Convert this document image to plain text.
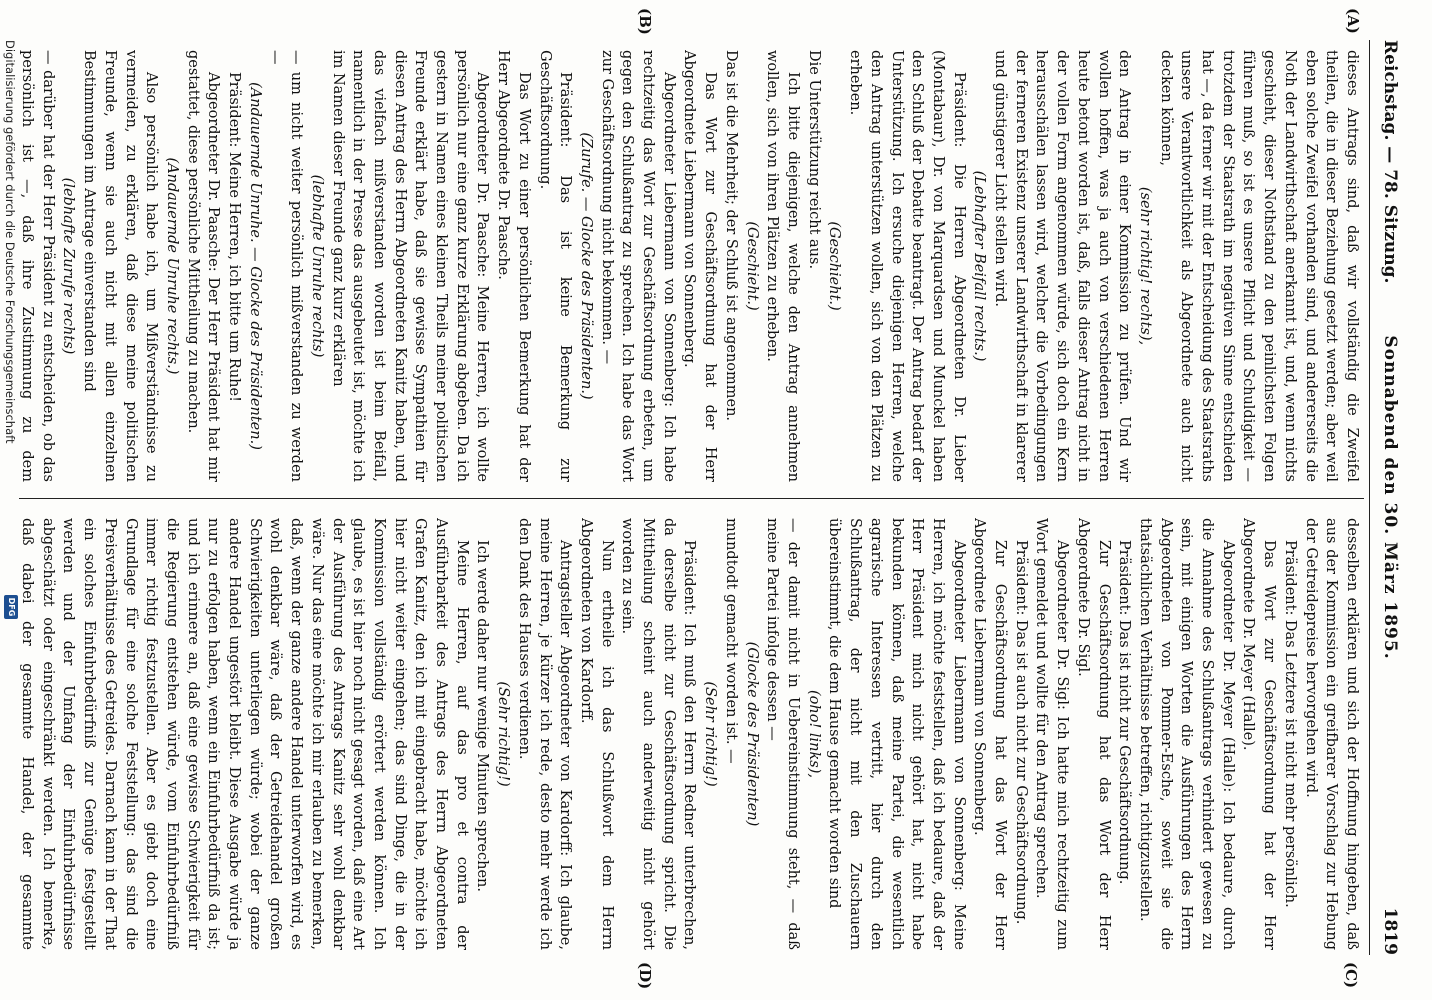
Reichstag. — 78. Sitzung.
Sonnabend den 30. März 1895.
1819
(A)
(B)
(C)
(D)

dieses Antrags sind, daß wir vollständig die Zweifel theilen, die in dieser Beziehung gesetzt werden; aber weil eben solche Zweifel vorhanden sind, und andererseits die Noth der Landwirthschaft anerkannt ist, und, wenn nichts geschieht, dieser Nothstand zu den peinlichsten Folgen führen muß, so ist es unsere Pflicht und Schuldigkeit — trotzdem der Staatsrath im negativen Sinne entschieden hat —, da ferner wir mit der Entscheidung des Staatsraths unsere Verantwortlichkeit als Abgeordnete auch nicht decken können,

(sehr richtig! rechts),

den Antrag in einer Kommission zu prüfen. Und wir wollen hoffen, was ja auch von verschiedenen Herren heute betont worden ist, daß, falls dieser Antrag nicht in der vollen Form angenommen würde, sich doch ein Kern herausschälen lassen wird, welcher die Vorbedingungen der ferneren Existenz unserer Landwirthschaft in klarerer und günstigerer Licht stellen wird.

(Lebhafter Beifall rechts.)

Präsident: Die Herren Abgeordneten Dr. Lieber (Montabaur), Dr. von Marquardsen und Munckel haben den Schluß der Debatte beantragt. Der Antrag bedarf der Unterstützung. Ich ersuche diejenigen Herren, welche den Antrag unterstützen wollen, sich von den Plätzen zu erheben.

(Geschieht.)

Die Unterstützung reicht aus.

Ich bitte diejenigen, welche den Antrag annehmen wollen, sich von ihren Plätzen zu erheben.

(Geschieht.)

Das ist die Mehrheit; der Schluß ist angenommen.

Das Wort zur Geschäftsordnung hat der Herr Abgeordnete Liebermann von Sonnenberg.

Abgeordneter Liebermann von Sonnenberg: Ich habe rechtzeitig das Wort zur Geschäftsordnung erbeten, um gegen den Schlußantrag zu sprechen. Ich habe das Wort zur Geschäftsordnung nicht bekommen. —

(Zurufe. — Glocke des Präsidenten.)

Präsident: Das ist keine Bemerkung zur Geschäftsordnung.

Das Wort zu einer persönlichen Bemerkung hat der Herr Abgeordnete Dr. Paasche.

Abgeordneter Dr. Paasche: Meine Herren, ich wollte persönlich nur eine ganz kurze Erklärung abgeben. Da ich gestern in Namen eines kleinen Theils meiner politischen Freunde erklärt habe, daß sie gewisse Sympathien für diesen Antrag des Herrn Abgeordneten Kanitz haben, und das vielfach mißverstanden worden ist beim Beifall, namentlich in der Presse das ausgebeutet ist, möchte ich im Namen dieser Freunde ganz kurz erklären

(lebhafte Unruhe rechts)

— um nicht weiter persönlich mißverstanden zu werden —

(Andauernde Unruhe. — Glocke des Präsidenten.)

Präsident: Meine Herren, ich bitte um Ruhe!

Abgeordneter Dr. Paasche: Der Herr Präsident hat mir gestattet, diese persönliche Mittheilung zu machen.

(Andauernde Unruhe rechts.)

Also persönlich habe ich, um Mißverständnisse zu vermeiden, zu erklären, daß diese meine politischen Freunde, wenn sie auch nicht mit allen einzelnen Bestimmungen im Antrage einverstanden sind

(lebhafte Zurufe rechts)

— darüber hat der Herr Präsident zu entscheiden, ob das persönlich ist —, daß ihre Zustimmung zu dem

desselben erklären und sich der Hoffnung hingeben, daß aus der Kommission ein greifbarer Vorschlag zur Hebung der Getreidepreise hervorgehen wird.

Präsident: Das Letztere ist nicht mehr persönlich.

Das Wort zur Geschäftsordnung hat der Herr Abgeordnete Dr. Meyer (Halle).

Abgeordneter Dr. Meyer (Halle): Ich bedaure, durch die Annahme des Schlußantrags verhindert gewesen zu sein, mit einigen Worten die Ausführungen des Herrn Abgeordneten von Pommer-Esche, soweit sie die thatsächlichen Verhältnisse betreffen, richtigzustellen.

Präsident: Das ist nicht zur Geschäftsordnung.

Zur Geschäftsordnung hat das Wort der Herr Abgeordnete Dr. Sigl.

Abgeordneter Dr. Sigl: Ich hatte mich rechtzeitig zum Wort gemeldet und wollte für den Antrag sprechen.

Präsident: Das ist auch nicht zur Geschäftsordnung.

Zur Geschäftsordnung hat das Wort der Herr Abgeordnete Liebermann von Sonnenberg.

Abgeordneter Liebermann von Sonnenberg: Meine Herren, ich möchte feststellen, daß ich bedaure, daß der Herr Präsident mich nicht gehört hat, nicht habe bekunden können, daß meine Partei, die wesentlich agrarische Interessen vertritt, hier durch den Schlußantrag, der nicht mit den Zuschauern übereinstimmt, die dem Hause gemacht worden sind

(oho! links),

— der damit nicht in Uebereinstimmung steht, — daß meine Partei infolge dessen —

(Glocke des Präsidenten)

mundtodt gemacht worden ist. —

(Sehr richtig!)

Präsident: Ich muß den Herrn Redner unterbrechen, da derselbe nicht zur Geschäftsordnung spricht. Die Mittheilung scheint auch anderweitig nicht gehört worden zu sein.

Nun ertheile ich das Schlußwort dem Herrn Abgeordneten von Kardorff.

Antragsteller Abgeordneter von Kardorff: Ich glaube, meine Herren, je kürzer ich rede, desto mehr werde ich den Dank des Hauses verdienen.

(Sehr richtig!)

Ich werde daher nur wenige Minuten sprechen.

Meine Herren, auf das pro et contra der Ausführbarkeit des Antrags des Herrn Abgeordneten Grafen Kanitz, den ich mit eingebracht habe, möchte ich hier nicht weiter eingehen; das sind Dinge, die in der Kommission vollständig erörtert werden können. Ich glaube, es ist hier noch nicht gesagt worden, daß eine Art der Ausführung des Antrags Kanitz sehr wohl denkbar wäre. Nur das eine möchte ich mir erlauben zu bemerken, daß, wenn der ganze andere Handel unterworfen wird, es wohl denkbar wäre, daß der Getreidehandel großen Schwierigkeiten unterliegen würde; wobei der ganze andere Handel ungestört bleibt. Diese Ausgabe würde ja nur zu erfolgen haben, wenn ein Einfuhrbedürfniß da ist; und ich erinnere an, daß eine gewisse Schwierigkeit für die Regierung entstehen würde, vom Einfuhrbedürfniß immer richtig festzustellen. Aber es giebt doch eine Grundlage für eine solche Feststellung: das sind die Preisverhältnisse des Getreides. Darnach kann in der That ein solches Einfuhrbedürfniß zur Genüge festgestellt werden und der Umfang der Einfuhrbedürfnisse abgeschätzt oder eingeschränkt werden. Ich bemerke, daß dabei der gesammte Handel, der gesammte

Digitalisierung gefördert durch die Deutsche Forschungsgemeinschaft
DFG
